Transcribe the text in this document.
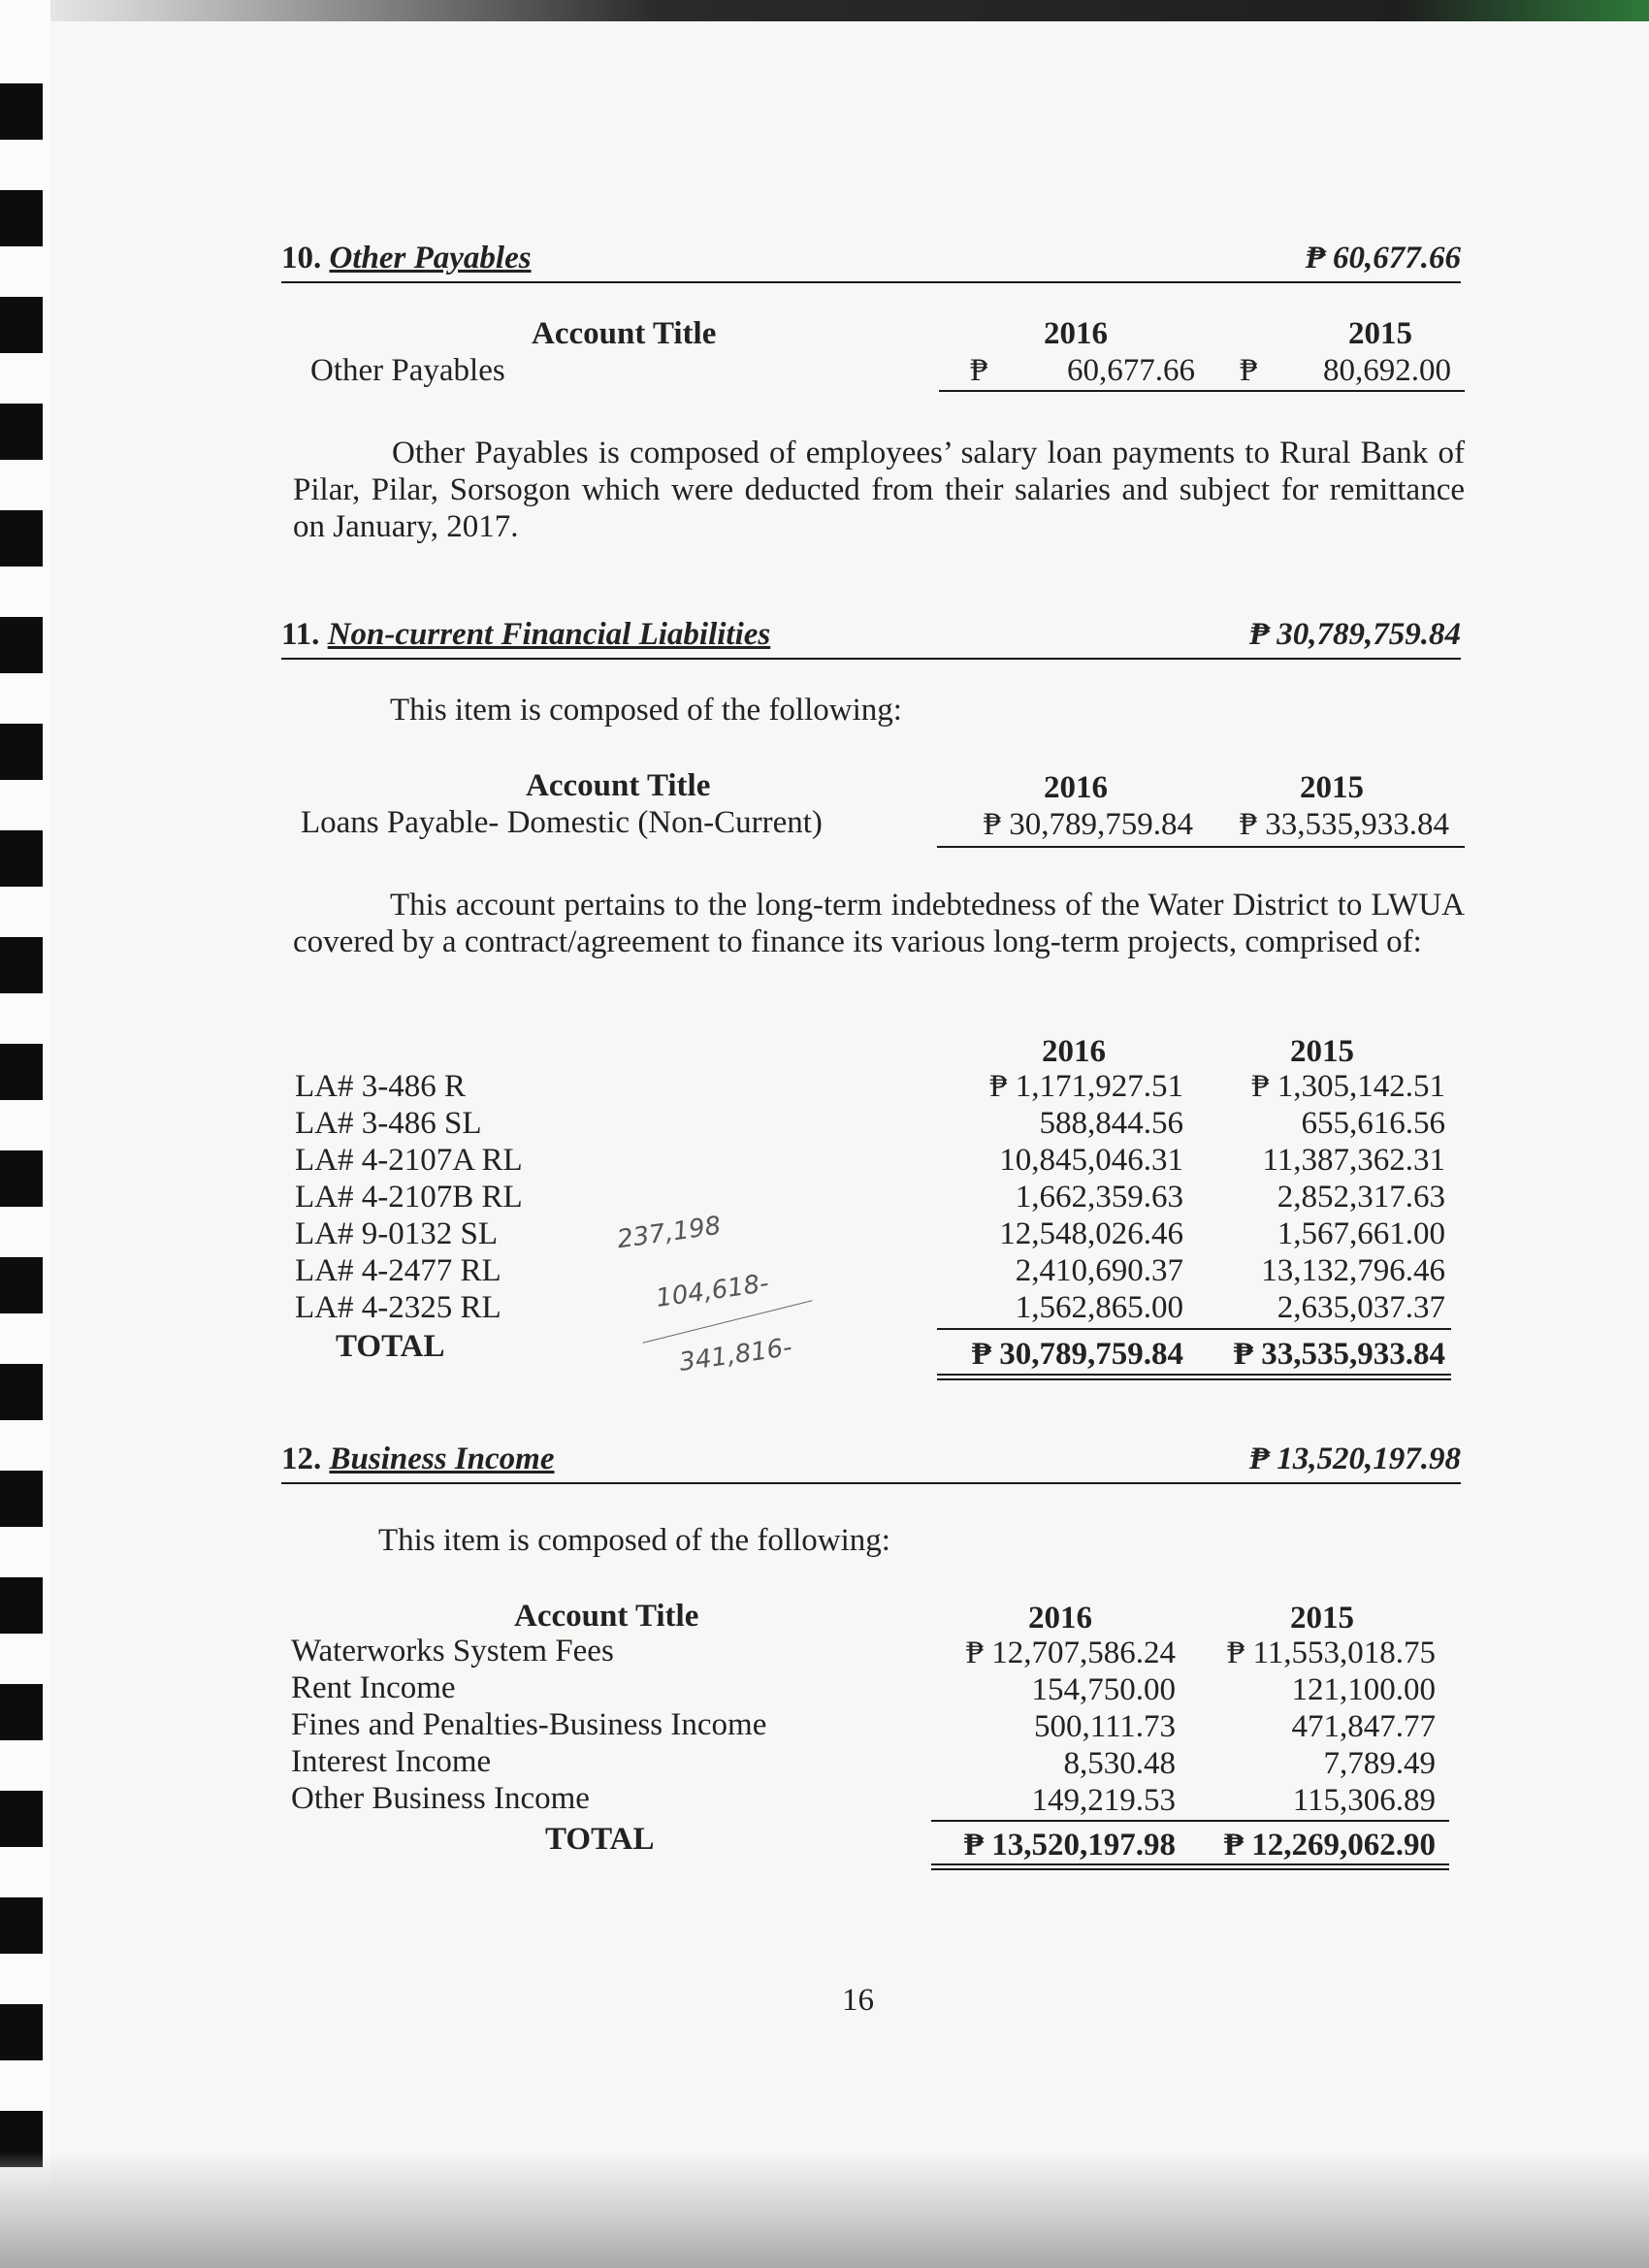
10. Other Payables	₱ 60,677.66
Account Title	2016	2015
Other Payables	₱	60,677.66 ₱	80,692.00
Other Payables is composed of employees’ salary loan payments to Rural Bank of Pilar, Pilar, Sorsogon which were deducted from their salaries and subject for remittance on January, 2017.
11. Non-current Financial Liabilities	₱ 30,789,759.84
This item is composed of the following:
Account Title	2016	2015
Loans Payable- Domestic (Non-Current)	₱ 30,789,759.84	₱ 33,535,933.84
This account pertains to the long-term indebtedness of the Water District to LWUA covered by a contract/agreement to finance its various long-term projects, comprised of:
2016	2015
LA# 3-486 R	₱ 1,171,927.51	₱ 1,305,142.51
LA# 3-486 SL	588,844.56	655,616.56
LA# 4-2107A RL	10,845,046.31	11,387,362.31
LA# 4-2107B RL	1,662,359.63	2,852,317.63
LA# 9-0132 SL	12,548,026.46	1,567,661.00
LA# 4-2477 RL	2,410,690.37	13,132,796.46
LA# 4-2325 RL	1,562,865.00	2,635,037.37
TOTAL	₱ 30,789,759.84	₱ 33,535,933.84
237,198
104,618-
341,816-
12. Business Income	₱ 13,520,197.98
This item is composed of the following:
Account Title	2016	2015
Waterworks System Fees	₱ 12,707,586.24	₱ 11,553,018.75
Rent Income	154,750.00	121,100.00
Fines and Penalties-Business Income	500,111.73	471,847.77
Interest Income	8,530.48	7,789.49
Other Business Income	149,219.53	115,306.89
TOTAL	₱ 13,520,197.98	₱ 12,269,062.90
16
